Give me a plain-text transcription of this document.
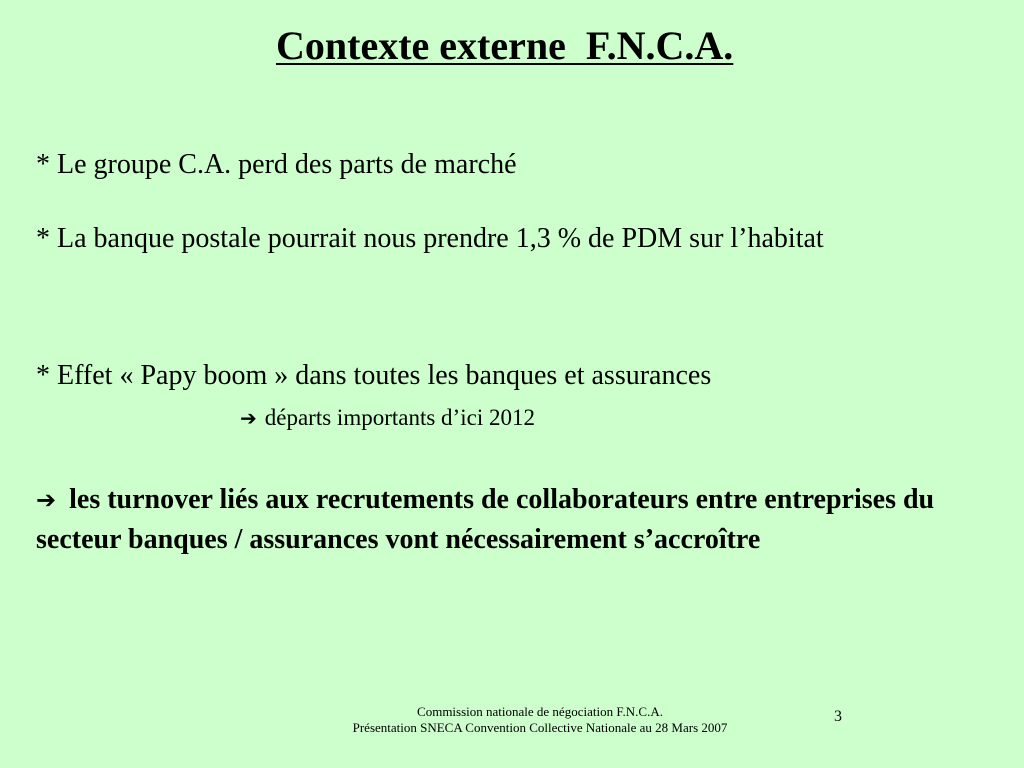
Contexte externe  F.N.C.A.
* Le groupe C.A. perd des parts de marché
* La banque postale pourrait nous prendre 1,3 % de PDM sur l’habitat
* Effet « Papy boom » dans toutes les banques et assurances
➔ départs importants d’ici 2012
➔ les turnover liés aux recrutements de collaborateurs entre entreprises du secteur banques / assurances vont nécessairement s’accroître
Commission nationale de négociation F.N.C.A.
Présentation SNECA Convention Collective Nationale au 28 Mars 2007
3
